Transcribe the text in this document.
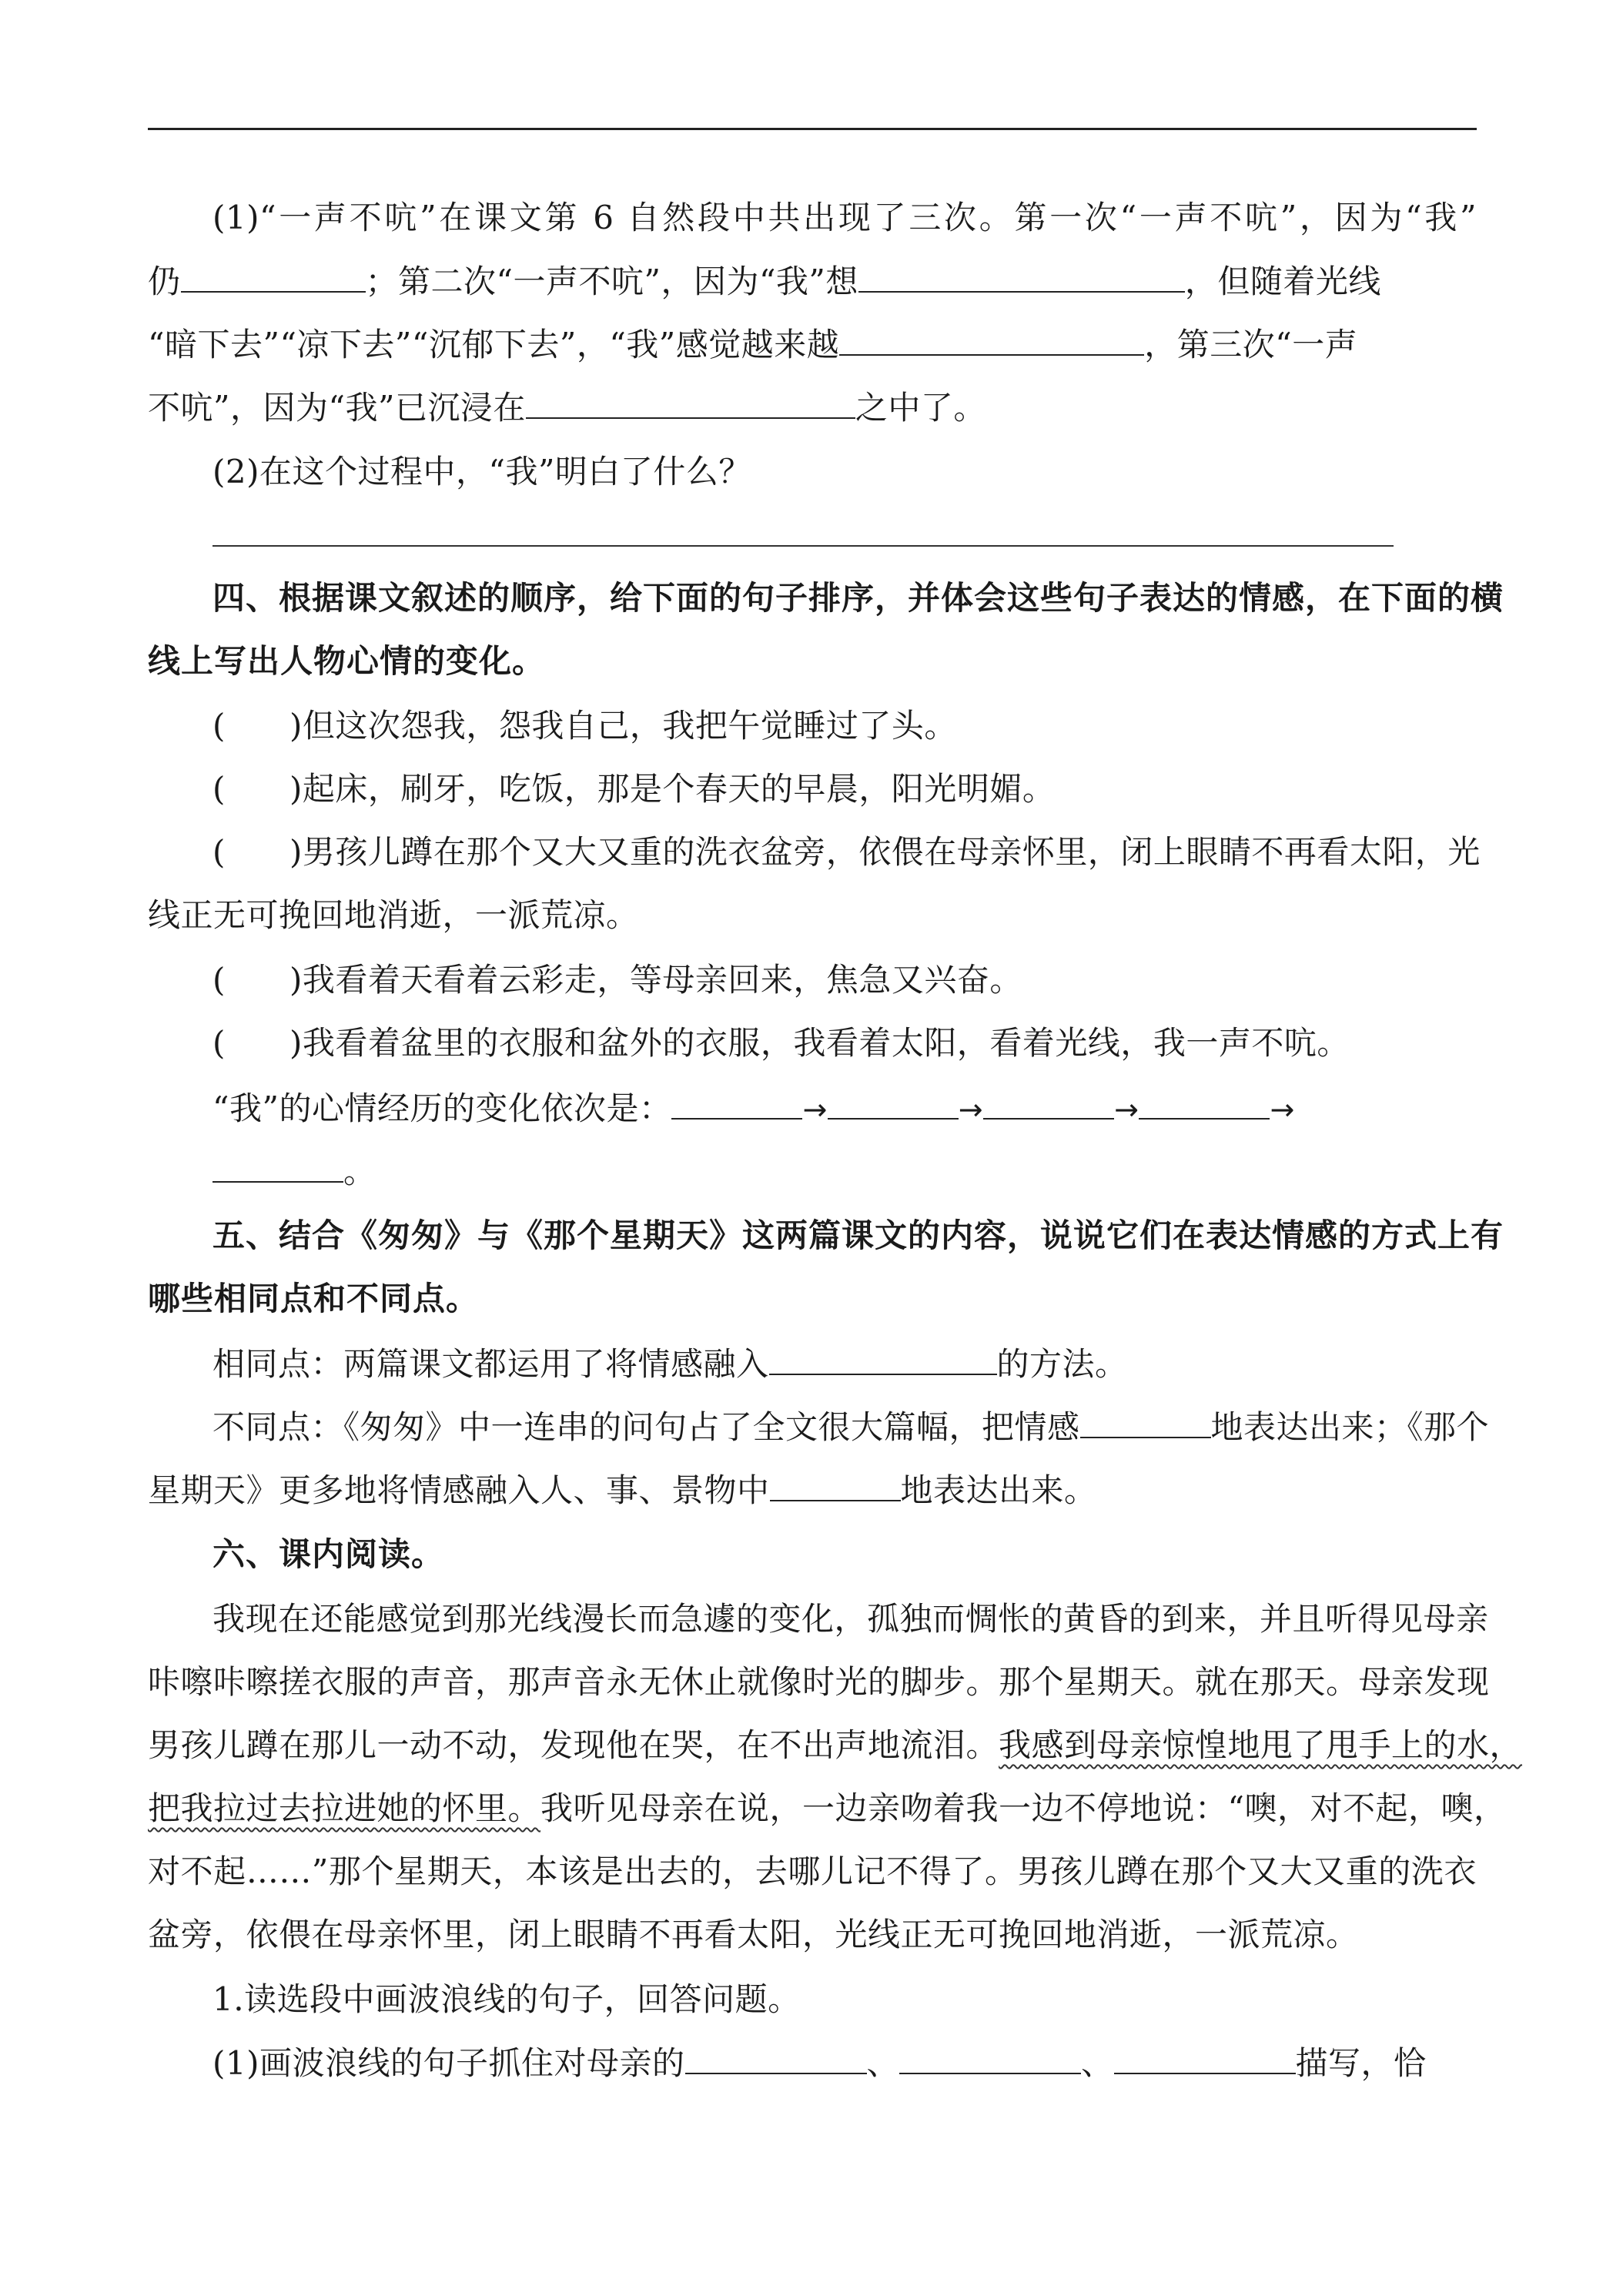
(1)“一声不吭”在课文第 6 自然段中共出现了三次。第一次“一声不吭”，因为“我”
仍	；第二次“一声不吭”，因为“我”想	，但随着光线
“暗下去”“凉下去”“沉郁下去”，“我”感觉越来越	，第三次“一声
不吭”，因为“我”已沉浸在	之中了。
(2)在这个过程中，“我”明白了什么？
四、根据课文叙述的顺序，给下面的句子排序，并体会这些句子表达的情感，在下面的横
线上写出人物心情的变化。
( )但这次怨我，怨我自己，我把午觉睡过了头。
( )起床，刷牙，吃饭，那是个春天的早晨，阳光明媚。
( )男孩儿蹲在那个又大又重的洗衣盆旁，依偎在母亲怀里，闭上眼睛不再看太阳，光
线正无可挽回地消逝，一派荒凉。
( )我看着天看着云彩走，等母亲回来，焦急又兴奋。
( )我看着盆里的衣服和盆外的衣服，我看着太阳，看着光线，我一声不吭。
“我”的心情经历的变化依次是：	→	→	→	→
。
五、结合《匆匆》与《那个星期天》这两篇课文的内容，说说它们在表达情感的方式上有
哪些相同点和不同点。
相同点：两篇课文都运用了将情感融入	的方法。
不同点：《匆匆》中一连串的问句占了全文很大篇幅，把情感	地表达出来；《那个
星期天》更多地将情感融入人、事、景物中	地表达出来。
六、课内阅读。
我现在还能感觉到那光线漫长而急遽的变化，孤独而惆怅的黄昏的到来，并且听得见母亲
咔嚓咔嚓搓衣服的声音，那声音永无休止就像时光的脚步。那个星期天。就在那天。母亲发现
男孩儿蹲在那儿一动不动，发现他在哭，在不出声地流泪。我感到母亲惊惶地甩了甩手上的水，
把我拉过去拉进她的怀里。我听见母亲在说，一边亲吻着我一边不停地说：“噢，对不起，噢，
对不起……”那个星期天，本该是出去的，去哪儿记不得了。男孩儿蹲在那个又大又重的洗衣
盆旁，依偎在母亲怀里，闭上眼睛不再看太阳，光线正无可挽回地消逝，一派荒凉。
1.读选段中画波浪线的句子，回答问题。
(1)画波浪线的句子抓住对母亲的	、	、	描写，恰
